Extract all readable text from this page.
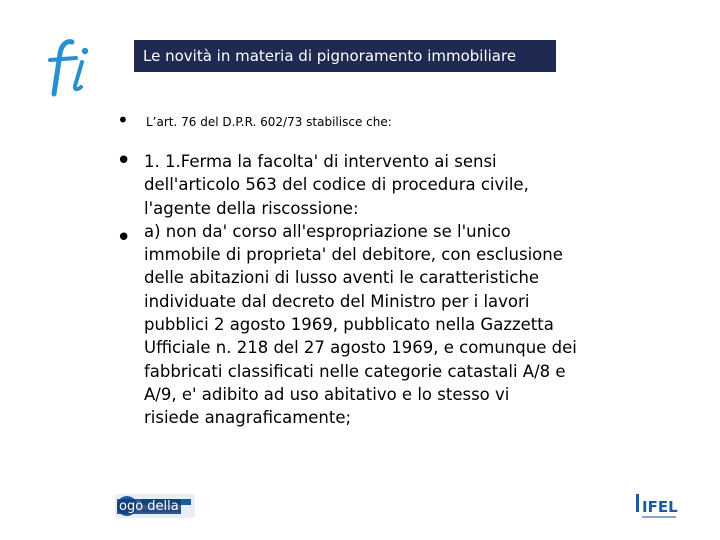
Le novità in materia di pignoramento immobiliare
• L’art. 76 del D.P.R. 602/73 stabilisce che:
•
•
1. 1.Ferma la facolta' di intervento ai sensi
dell'articolo 563 del codice di procedura civile,
l'agente della riscossione:
a) non da' corso all'espropriazione se l'unico
immobile di proprieta' del debitore, con esclusione
delle abitazioni di lusso aventi le caratteristiche
individuate dal decreto del Ministro per i lavori
pubblici 2 agosto 1969, pubblicato nella Gazzetta
Ufficiale n. 218 del 27 agosto 1969, e comunque dei
fabbricati classificati nelle categorie catastali A/8 e
A/9, e' adibito ad uso abitativo e lo stesso vi
risiede anagraficamente;
ogo della	IFEL
